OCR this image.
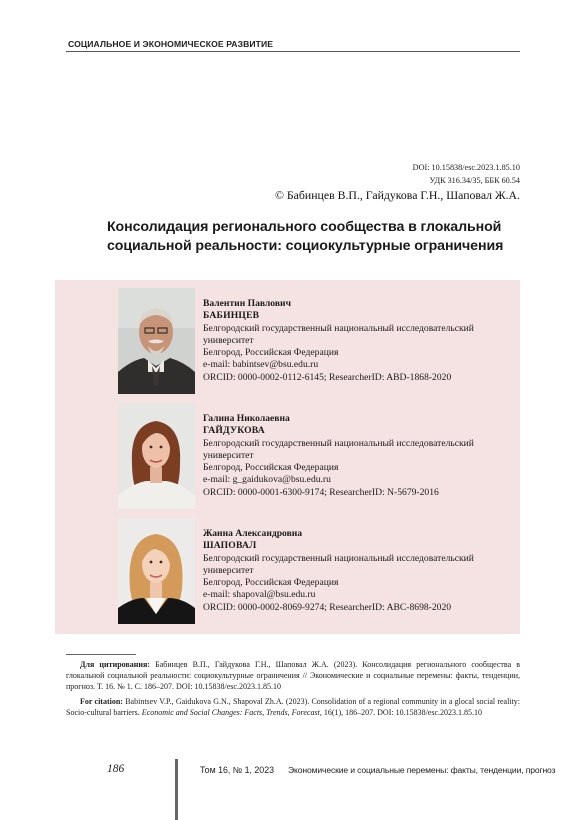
СОЦИАЛЬНОЕ И ЭКОНОМИЧЕСКОЕ РАЗВИТИЕ
DOI: 10.15838/esc.2023.1.85.10
УДК 316.34/35, ББК 60.54
© Бабинцев В.П., Гайдукова Г.Н., Шаповал Ж.А.
Консолидация регионального сообщества в глокальной социальной реальности: социокультурные ограничения
Валентин Павлович
БАБИНЦЕВ
Белгородский государственный национальный исследовательский
университет
Белгород, Российская Федерация
e-mail: babintsev@bsu.edu.ru
ORCID: 0000-0002-0112-6145; ResearcherID: ABD-1868-2020
Галина Николаевна
ГАЙДУКОВА
Белгородский государственный национальный исследовательский
университет
Белгород, Российская Федерация
e-mail: g_gaidukova@bsu.edu.ru
ORCID: 0000-0001-6300-9174; ResearcherID: N-5679-2016
Жанна Александровна
ШАПОВАЛ
Белгородский государственный национальный исследовательский
университет
Белгород, Российская Федерация
e-mail: shapoval@bsu.edu.ru
ORCID: 0000-0002-8069-9274; ResearcherID: ABC-8698-2020

Для цитирования: Бабинцев В.П., Гайдукова Г.Н., Шаповал Ж.А. (2023). Консолидация регионального сообщества в глокальной социальной реальности: социокультурные ограничения // Экономические и социальные перемены: факты, тенденции, прогноз. Т. 16. № 1. С. 186–207. DOI: 10.15838/esc.2023.1.85.10

For citation: Babintsev V.P., Gaidukova G.N., Shapoval Zh.A. (2023). Consolidation of a regional community in a glocal social reality: Socio-cultural barriers. Economic and Social Changes: Facts, Trends, Forecast, 16(1), 186–207. DOI: 10.15838/esc.2023.1.85.10

186	Том 16, № 1, 2023 Экономические и социальные перемены: факты, тенденции, прогноз
